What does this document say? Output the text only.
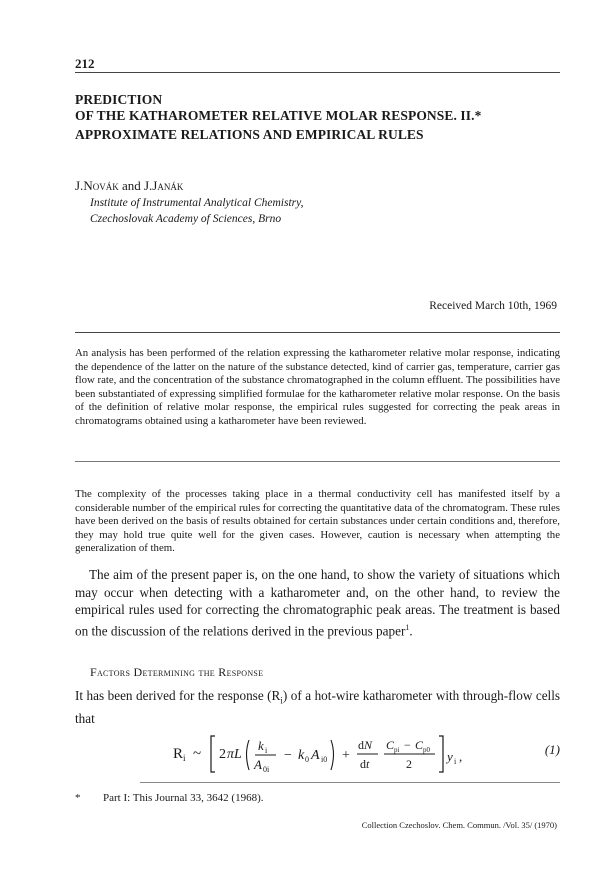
212
PREDICTION
OF THE KATHAROMETER RELATIVE MOLAR RESPONSE. II.*
APPROXIMATE RELATIONS AND EMPIRICAL RULES
J.Novák and J.Janák
Institute of Instrumental Analytical Chemistry,
Czechoslovak Academy of Sciences, Brno
Received March 10th, 1969

An analysis has been performed of the relation expressing the katharometer relative molar response, indicating the dependence of the latter on the nature of the substance detected, kind of carrier gas, temperature, carrier gas flow rate, and the concentration of the substance chromatographed in the column effluent. The possibilities have been substantiated of expressing simplified formulae for the katharometer relative molar response. On the basis of the definition of relative molar response, the empirical rules suggested for correcting the peak areas in chromatograms obtained using a katharometer have been reviewed.

The complexity of the processes taking place in a thermal conductivity cell has manifested itself by a considerable number of the empirical rules for correcting the quantitative data of the chromatogram. These rules have been derived on the basis of results obtained for certain substances under certain conditions and, therefore, they may hold true quite well for the given cases. However, caution is necessary when attempting the generalization of them.

The aim of the present paper is, on the one hand, to show the variety of situations which may occur when detecting with a katharometer and, on the other hand, to review the empirical rules used for correcting the chromatographic peak areas. The treatment is based on the discussion of the relations derived in the previous paper$^1$.

Factors Determining the Response

It has been derived for the response $(R_i)$ of a hot-wire katharometer with through-flow cells that

R i ~ 2 πL
k i
A 0i
− k 0 A i0 +
dN
dt
C pi − C p0
2	y i ,	(1)
* Part I: This Journal 33, 3642 (1968).
Collection Czechoslov. Chem. Commun. /Vol. 35/ (1970)
